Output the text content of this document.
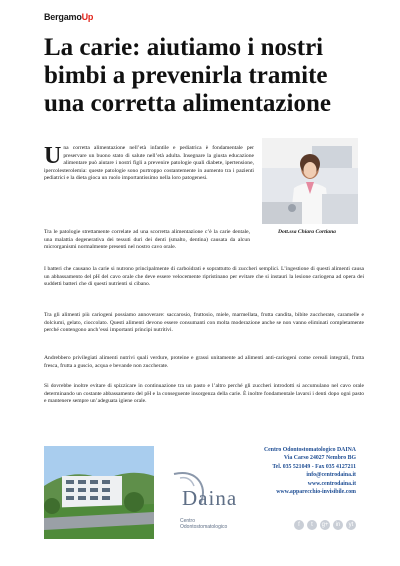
BergamoUp
La carie: aiutiamo i nostri bimbi a prevenirla tramite una corretta alimentazione

Una corretta alimentazione nell’età infantile e pediatrica è fondamentale per preservare un buono stato di salute nell’età adulta. Insegnare la giusta educazione alimentare può aiutare i nostri figli a prevenire patologie quali diabete, ipertensione, ipercolesterolemia: queste patologie sono purtroppo costantemente in aumento tra i pazienti pediatrici e la dieta gioca un ruolo importantissimo nella loro patogenesi.

Dott.ssa Chiara Cortiana

Tra le patologie strettamente correlate ad una scorretta alimentazione c’è la carie dentale, una malattia degenerativa dei tessuti duri dei denti (smalto, dentina) causata da alcun microrganismi normalmente presenti nel nostro cavo orale.

I batteri che causano la carie si nutrono principalmente di carboidrati e soprattutto di zuccheri semplici. L’ingestione di questi alimenti causa un abbassamento del pH del cavo orale che deve essere velocemente ripristinano per evitare che si instauri la lesione cariogena ad opera dei suddetti batteri che di questi nutrienti si cibano.

Tra gli alimenti più cariogeni possiamo annoverare: saccarosio, fruttosio, miele, marmellata, frutta candita, bibite zuccherate, caramelle e dolciumi, gelato, cioccolato. Questi alimenti devono essere consumanti con molta moderazione anche se non vanno eliminati completamente perché contengono anch’essi importanti principi nutritivi.

Andrebbero privilegiati alimenti nutrivi quali verdure, proteine e grassi unitamente ad alimenti anti-cariogeni come cereali integrali, frutta fresca, frutta a guscio, acqua e bevande non zuccherate.

Si dovrebbe inoltre evitare di spizzicare in continuazione tra un pasto e l’altro perché gli zuccheri introdotti si accumulano nel cavo orale determinando un costante abbassamento del pH e la conseguente insorgenza della carie. È inoltre fondamentale lavarsi i denti dopo ogni pasto e mantenere sempre un’adeguata igiene orale.

Daina
Centro
Odontostomatologico
Centro Odontostomatologico DAINA
Via Carso 24027 Nembro BG
Tel. 035 521049 - Fax 035 4127211
info@centrodaina.it
www.centrodaina.it
www.apparecchio-invisibile.com
f	t	g+	in	yt
